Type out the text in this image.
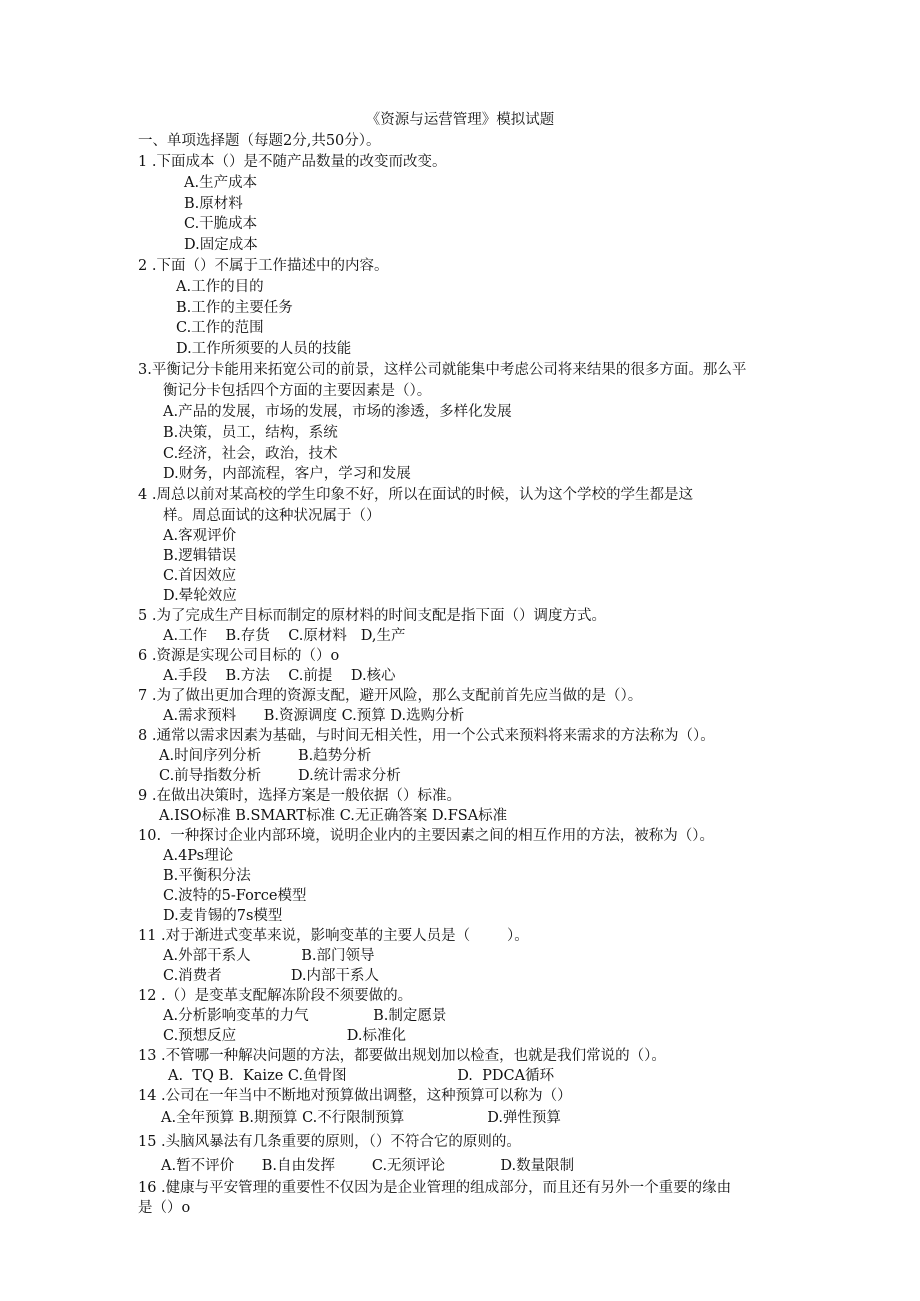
《资源与运营管理》模拟试题
一、单项选择题（每题2分,共50分）。
1 .下面成本（）是不随产品数量的改变而改变。
A.生产成本
B.原材料
C.干脆成本
D.固定成本
2 .下面（）不属于工作描述中的内容。
A.工作的目的
B.工作的主要任务
C.工作的范围
D.工作所须要的人员的技能
3.平衡记分卡能用来拓宽公司的前景，这样公司就能集中考虑公司将来结果的很多方面。那么平
衡记分卡包括四个方面的主要因素是（）。
A.产品的发展，市场的发展，市场的渗透，多样化发展
B.决策，员工，结构，系统
C.经济，社会，政治，技术
D.财务，内部流程，客户，学习和发展
4 .周总以前对某高校的学生印象不好，所以在面试的时候，认为这个学校的学生都是这
样。周总面试的这种状况属于（）
A.客观评价
B.逻辑错误
C.首因效应
D.晕轮效应
5 .为了完成生产目标而制定的原材料的时间支配是指下面（）调度方式。
A.工作    B.存货    C.原材料   D,生产
6 .资源是实现公司目标的（）o
A.手段    B.方法    C.前提    D.核心
7 .为了做出更加合理的资源支配，避开风险，那么支配前首先应当做的是（）。
A.需求预料      B.资源调度 C.预算 D.选购分析
8 .通常以需求因素为基础，与时间无相关性，用一个公式来预料将来需求的方法称为（）。
A.时间序列分析        B.趋势分析
C.前导指数分析        D.统计需求分析
9 .在做出决策时，选择方案是一般依据（）标准。
A.ISO标准 B.SMART标准 C.无正确答案 D.FSA标准
10.  一种探讨企业内部环境，说明企业内的主要因素之间的相互作用的方法，被称为（）。
A.4Ps理论
B.平衡积分法
C.波特的5-Force模型
D.麦肯锡的7s模型
11 .对于渐进式变革来说，影响变革的主要人员是（        ）。
A.外部干系人           B.部门领导
C.消费者               D.内部干系人
12 .（）是变革支配解冻阶段不须要做的。
A.分析影响变革的力气              B.制定愿景
C.预想反应                        D.标准化
13 .不管哪一种解决问题的方法，都要做出规划加以检查，也就是我们常说的（）。
A.  TQ B.  Kaize C.鱼骨图                        D.  PDCA循环
14 .公司在一年当中不断地对预算做出调整，这种预算可以称为（）
A.全年预算 B.期预算 C.不行限制预算                  D.弹性预算
15 .头脑风暴法有几条重要的原则，（）不符合它的原则的。
A.暂不评价      B.自由发挥        C.无须评论            D.数量限制
16 .健康与平安管理的重要性不仅因为是企业管理的组成部分，而且还有另外一个重要的缘由
是（）o
